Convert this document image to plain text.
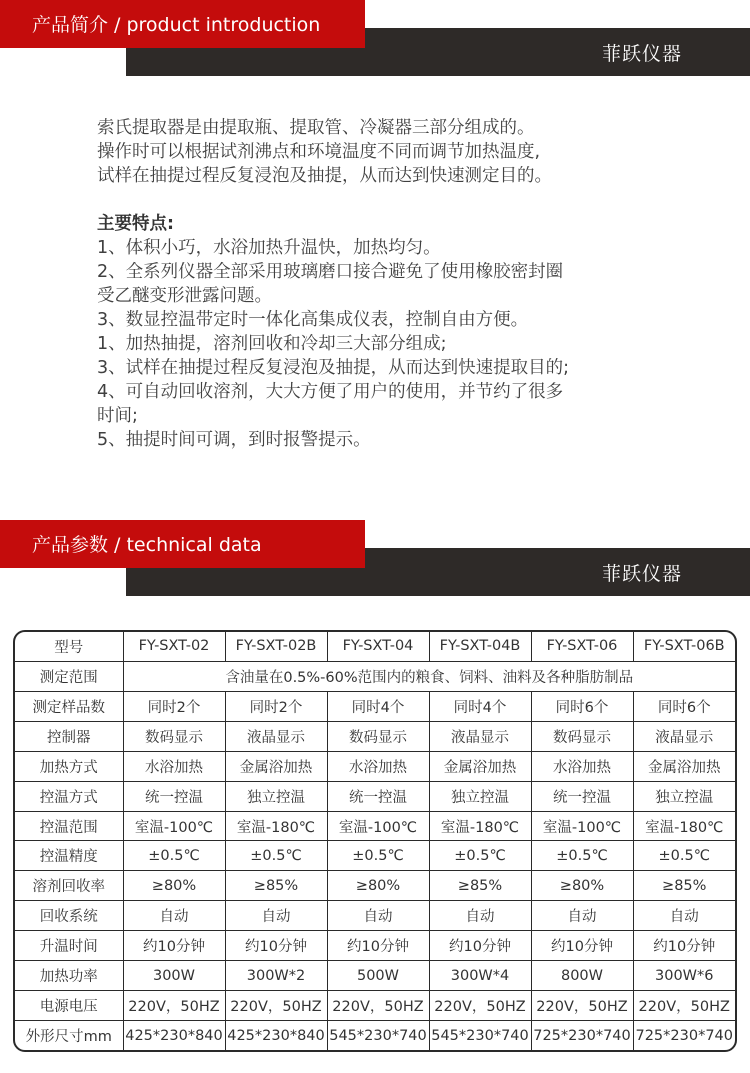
产品简介 / product introduction
菲跃仪器

索氏提取器是由提取瓶、提取管、冷凝器三部分组成的。

操作时可以根据试剂沸点和环境温度不同而调节加热温度,

试样在抽提过程反复浸泡及抽提，从而达到快速测定目的。

主要特点:

1、体积小巧，水浴加热升温快，加热均匀。

2、全系列仪器全部采用玻璃磨口接合避免了使用橡胶密封圈

受乙醚变形泄露问题。

3、数显控温带定时一体化高集成仪表，控制自由方便。

1、加热抽提，溶剂回收和冷却三大部分组成;

3、试样在抽提过程反复浸泡及抽提，从而达到快速提取目的;

4、可自动回收溶剂，大大方便了用户的使用，并节约了很多

时间;

5、抽提时间可调，到时报警提示。

产品参数 / technical data
菲跃仪器
型号	FY-SXT-02	FY-SXT-02B	FY-SXT-04	FY-SXT-04B	FY-SXT-06	FY-SXT-06B
测定范围	含油量在0.5%-60%范围内的粮食、饲料、油料及各种脂肪制品					
测定样品数	同时2个	同时2个	同时4个	同时4个	同时6个	同时6个
控制器	数码显示	液晶显示	数码显示	液晶显示	数码显示	液晶显示
加热方式	水浴加热	金属浴加热	水浴加热	金属浴加热	水浴加热	金属浴加热
控温方式	统一控温	独立控温	统一控温	独立控温	统一控温	独立控温
控温范围	室温-100℃	室温-180℃	室温-100℃	室温-180℃	室温-100℃	室温-180℃
控温精度	±0.5℃	±0.5℃	±0.5℃	±0.5℃	±0.5℃	±0.5℃
溶剂回收率	≥80%	≥85%	≥80%	≥85%	≥80%	≥85%
回收系统	自动	自动	自动	自动	自动	自动
升温时间	约10分钟	约10分钟	约10分钟	约10分钟	约10分钟	约10分钟
加热功率	300W	300W*2	500W	300W*4	800W	300W*6
电源电压	220V，50HZ	220V，50HZ	220V，50HZ	220V，50HZ	220V，50HZ	220V，50HZ
外形尺寸mm	425*230*840	425*230*840	545*230*740	545*230*740	725*230*740	725*230*740
